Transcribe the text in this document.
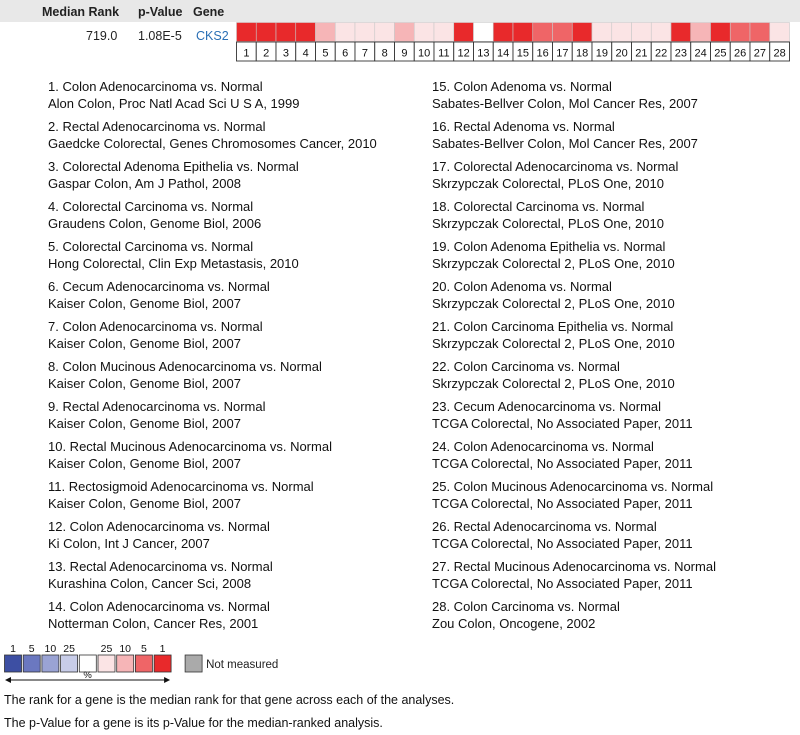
Median Rank p-Value Gene
719.0 1.08E-5 CKS2
1 2 3 4 5 6 7 8 9 10 11 12 13 14 15 16 17 18 19 20 21 22 23 24 25 26 27 28
1. Colon Adenocarcinoma vs. Normal
Alon Colon, Proc Natl Acad Sci U S A, 1999
2. Rectal Adenocarcinoma vs. Normal
Gaedcke Colorectal, Genes Chromosomes Cancer, 2010
3. Colorectal Adenoma Epithelia vs. Normal
Gaspar Colon, Am J Pathol, 2008
4. Colorectal Carcinoma vs. Normal
Graudens Colon, Genome Biol, 2006
5. Colorectal Carcinoma vs. Normal
Hong Colorectal, Clin Exp Metastasis, 2010
6. Cecum Adenocarcinoma vs. Normal
Kaiser Colon, Genome Biol, 2007
7. Colon Adenocarcinoma vs. Normal
Kaiser Colon, Genome Biol, 2007
8. Colon Mucinous Adenocarcinoma vs. Normal
Kaiser Colon, Genome Biol, 2007
9. Rectal Adenocarcinoma vs. Normal
Kaiser Colon, Genome Biol, 2007
10. Rectal Mucinous Adenocarcinoma vs. Normal
Kaiser Colon, Genome Biol, 2007
11. Rectosigmoid Adenocarcinoma vs. Normal
Kaiser Colon, Genome Biol, 2007
12. Colon Adenocarcinoma vs. Normal
Ki Colon, Int J Cancer, 2007
13. Rectal Adenocarcinoma vs. Normal
Kurashina Colon, Cancer Sci, 2008
14. Colon Adenocarcinoma vs. Normal
Notterman Colon, Cancer Res, 2001
15. Colon Adenoma vs. Normal
Sabates-Bellver Colon, Mol Cancer Res, 2007
16. Rectal Adenoma vs. Normal
Sabates-Bellver Colon, Mol Cancer Res, 2007
17. Colorectal Adenocarcinoma vs. Normal
Skrzypczak Colorectal, PLoS One, 2010
18. Colorectal Carcinoma vs. Normal
Skrzypczak Colorectal, PLoS One, 2010
19. Colon Adenoma Epithelia vs. Normal
Skrzypczak Colorectal 2, PLoS One, 2010
20. Colon Adenoma vs. Normal
Skrzypczak Colorectal 2, PLoS One, 2010
21. Colon Carcinoma Epithelia vs. Normal
Skrzypczak Colorectal 2, PLoS One, 2010
22. Colon Carcinoma vs. Normal
Skrzypczak Colorectal 2, PLoS One, 2010
23. Cecum Adenocarcinoma vs. Normal
TCGA Colorectal, No Associated Paper, 2011
24. Colon Adenocarcinoma vs. Normal
TCGA Colorectal, No Associated Paper, 2011
25. Colon Mucinous Adenocarcinoma vs. Normal
TCGA Colorectal, No Associated Paper, 2011
26. Rectal Adenocarcinoma vs. Normal
TCGA Colorectal, No Associated Paper, 2011
27. Rectal Mucinous Adenocarcinoma vs. Normal
TCGA Colorectal, No Associated Paper, 2011
28. Colon Carcinoma vs. Normal
Zou Colon, Oncogene, 2002
1 5 10 25 25 10 5 1
%
Not measured
The rank for a gene is the median rank for that gene across each of the analyses.
The p-Value for a gene is its p-Value for the median-ranked analysis.
